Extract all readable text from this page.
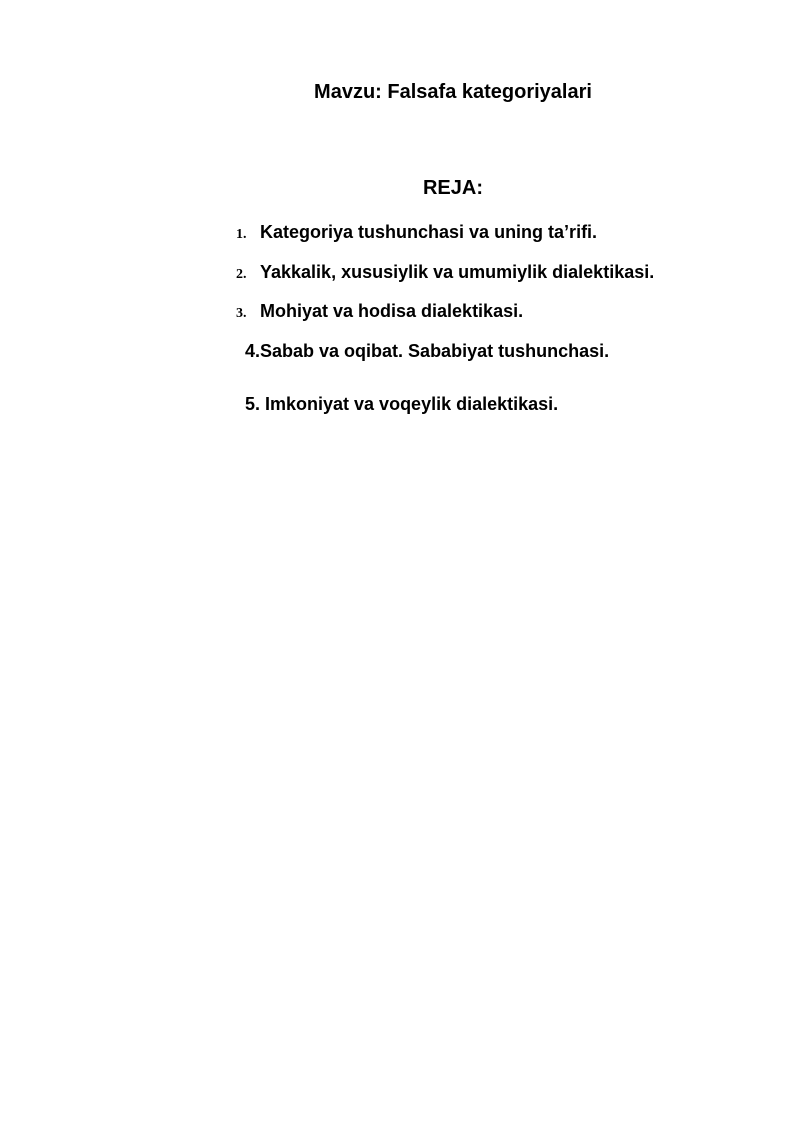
Mavzu: Falsafa kategoriyalari
REJA:
1. Kategoriya tushunchasi va uning ta’rifi.
2. Yakkalik, xususiylik va umumiylik dialektikasi.
3. Mohiyat va hodisa dialektikasi.
4.Sabab va oqibat. Sababiyat tushunchasi.
5. Imkoniyat va voqeylik dialektikasi.
